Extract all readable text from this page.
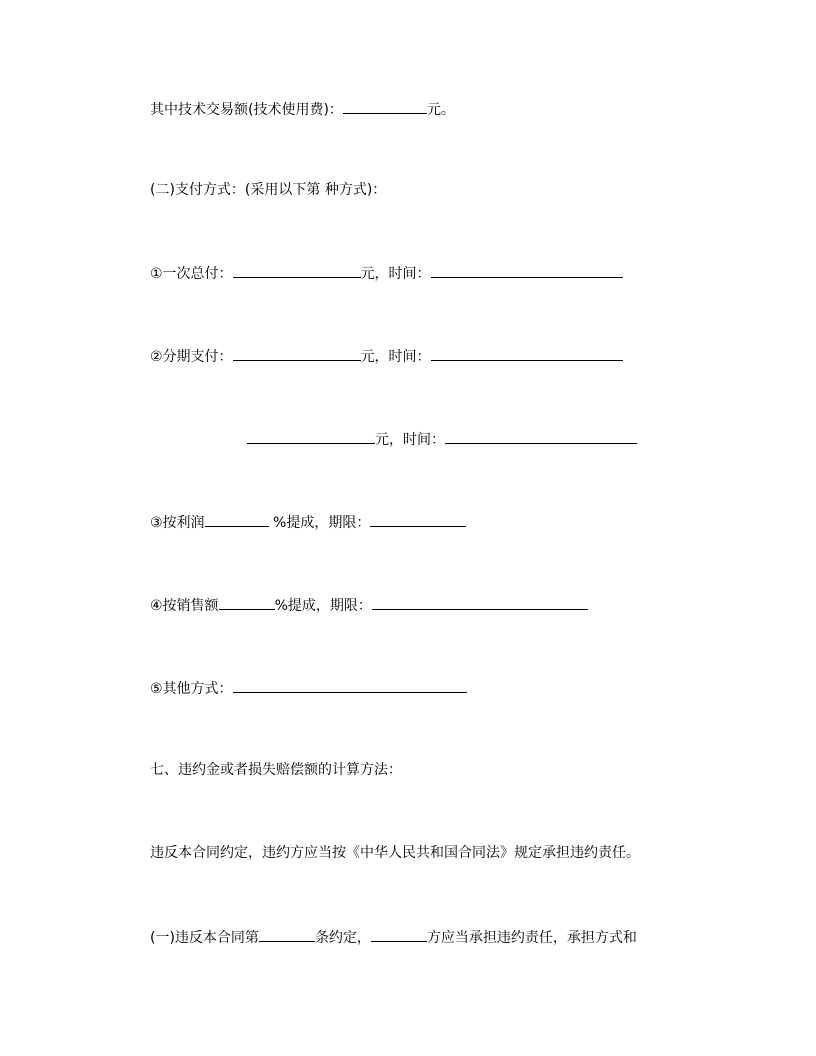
其中技术交易额(技术使用费)：	元。
(二)支付方式：(采用以下第 种方式)：
①一次总付：	元，时间：
②分期支付：	元，时间：
元，时间：
③按利润	%提成，期限：
④按销售额	%提成，期限：
⑤其他方式：
七、违约金或者损失赔偿额的计算方法：
违反本合同约定，违约方应当按《中华人民共和国合同法》规定承担违约责任。
(一)违反本合同第	条约定，	方应当承担违约责任，承担方式和
